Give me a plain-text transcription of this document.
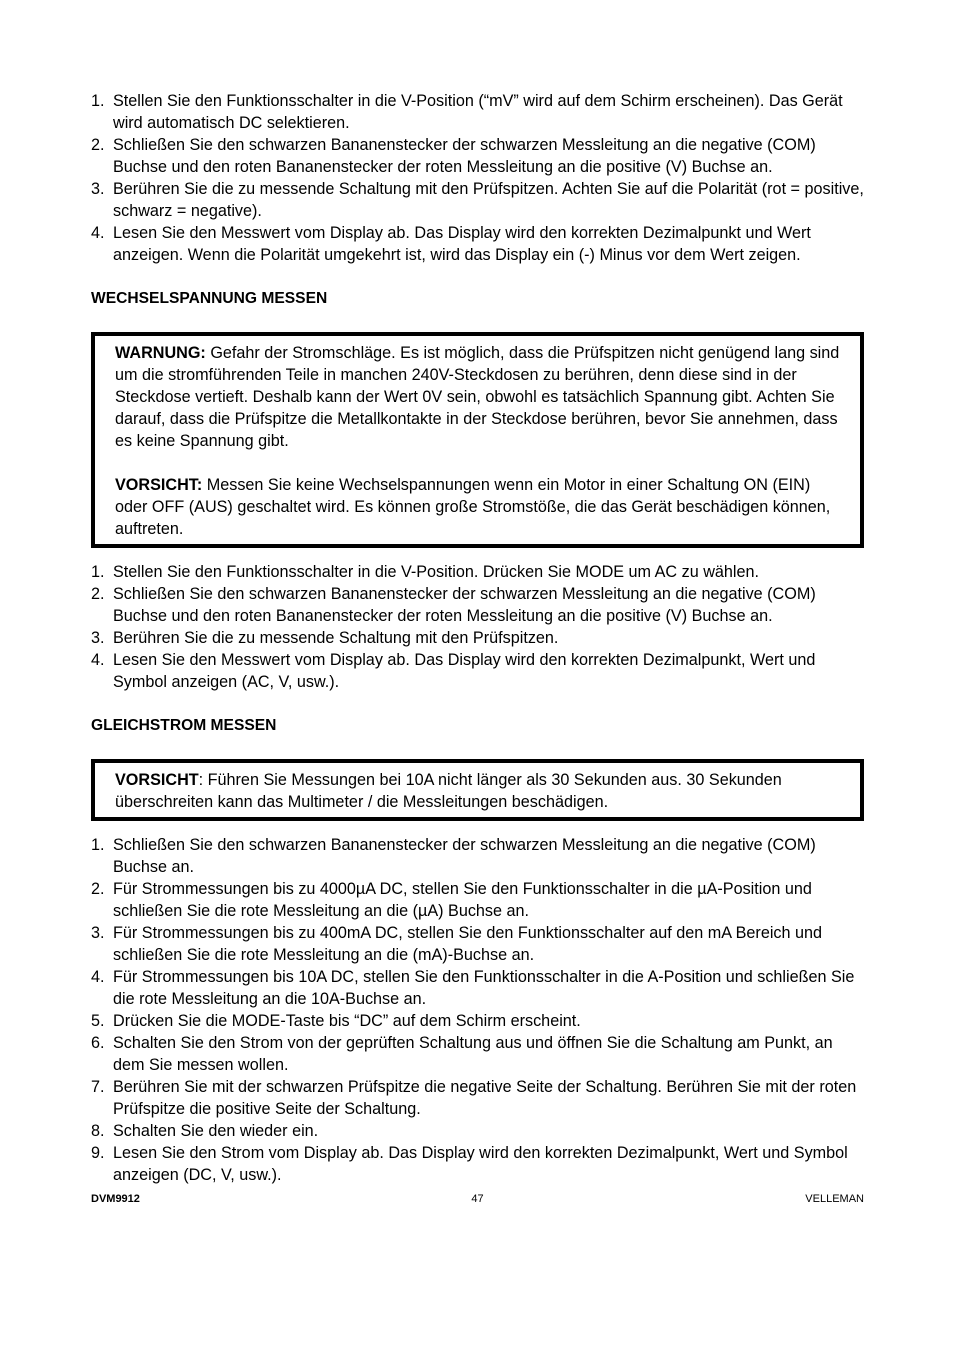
1. Stellen Sie den Funktionsschalter in die V-Position (“mV” wird auf dem Schirm erscheinen). Das Gerät wird automatisch DC selektieren.
2. Schließen Sie den schwarzen Bananenstecker der schwarzen Messleitung an die negative (COM) Buchse und den roten Bananenstecker der roten Messleitung an die positive (V) Buchse an.
3. Berühren Sie die zu messende Schaltung mit den Prüfspitzen. Achten Sie auf die Polarität (rot = positive, schwarz = negative).
4. Lesen Sie den Messwert vom Display ab. Das Display wird den korrekten Dezimalpunkt und Wert anzeigen. Wenn die Polarität umgekehrt ist, wird das Display ein (-) Minus vor dem Wert zeigen.
WECHSELSPANNUNG MESSEN

WARNUNG: Gefahr der Stromschläge. Es ist möglich, dass die Prüfspitzen nicht genügend lang sind um die stromführenden Teile in manchen 240V-Steckdosen zu berühren, denn diese sind in der Steckdose vertieft. Deshalb kann der Wert 0V sein, obwohl es tatsächlich Spannung gibt. Achten Sie darauf, dass die Prüfspitze die Metallkontakte in der Steckdose berühren, bevor Sie annehmen, dass es keine Spannung gibt.

VORSICHT: Messen Sie keine Wechselspannungen wenn ein Motor in einer Schaltung ON (EIN) oder OFF (AUS) geschaltet wird. Es können große Stromstöße, die das Gerät beschädigen können, auftreten.

1. Stellen Sie den Funktionsschalter in die V-Position. Drücken Sie MODE um AC zu wählen.
2. Schließen Sie den schwarzen Bananenstecker der schwarzen Messleitung an die negative (COM) Buchse und den roten Bananenstecker der roten Messleitung an die positive (V) Buchse an.
3. Berühren Sie die zu messende Schaltung mit den Prüfspitzen.
4. Lesen Sie den Messwert vom Display ab. Das Display wird den korrekten Dezimalpunkt, Wert und Symbol anzeigen (AC, V, usw.).
GLEICHSTROM MESSEN

VORSICHT: Führen Sie Messungen bei 10A nicht länger als 30 Sekunden aus. 30 Sekunden überschreiten kann das Multimeter / die Messleitungen beschädigen.

1. Schließen Sie den schwarzen Bananenstecker der schwarzen Messleitung an die negative (COM) Buchse an.
2. Für Strommessungen bis zu 4000µA DC, stellen Sie den Funktionsschalter in die µA-Position und schließen Sie die rote Messleitung an die (µA) Buchse an.
3. Für Strommessungen bis zu 400mA DC, stellen Sie den Funktionsschalter auf den mA Bereich und schließen Sie die rote Messleitung an die (mA)-Buchse an.
4. Für Strommessungen bis 10A DC, stellen Sie den Funktionsschalter in die A-Position und schließen Sie die rote Messleitung an die 10A-Buchse an.
5. Drücken Sie die MODE-Taste bis “DC” auf dem Schirm erscheint.
6. Schalten Sie den Strom von der geprüften Schaltung aus und öffnen Sie die Schaltung am Punkt, an dem Sie messen wollen.
7. Berühren Sie mit der schwarzen Prüfspitze die negative Seite der Schaltung. Berühren Sie mit der roten Prüfspitze die positive Seite der Schaltung.
8. Schalten Sie den wieder ein.
9. Lesen Sie den Strom vom Display ab. Das Display wird den korrekten Dezimalpunkt, Wert und Symbol anzeigen (DC, V, usw.).
DVM9912	47	VELLEMAN
